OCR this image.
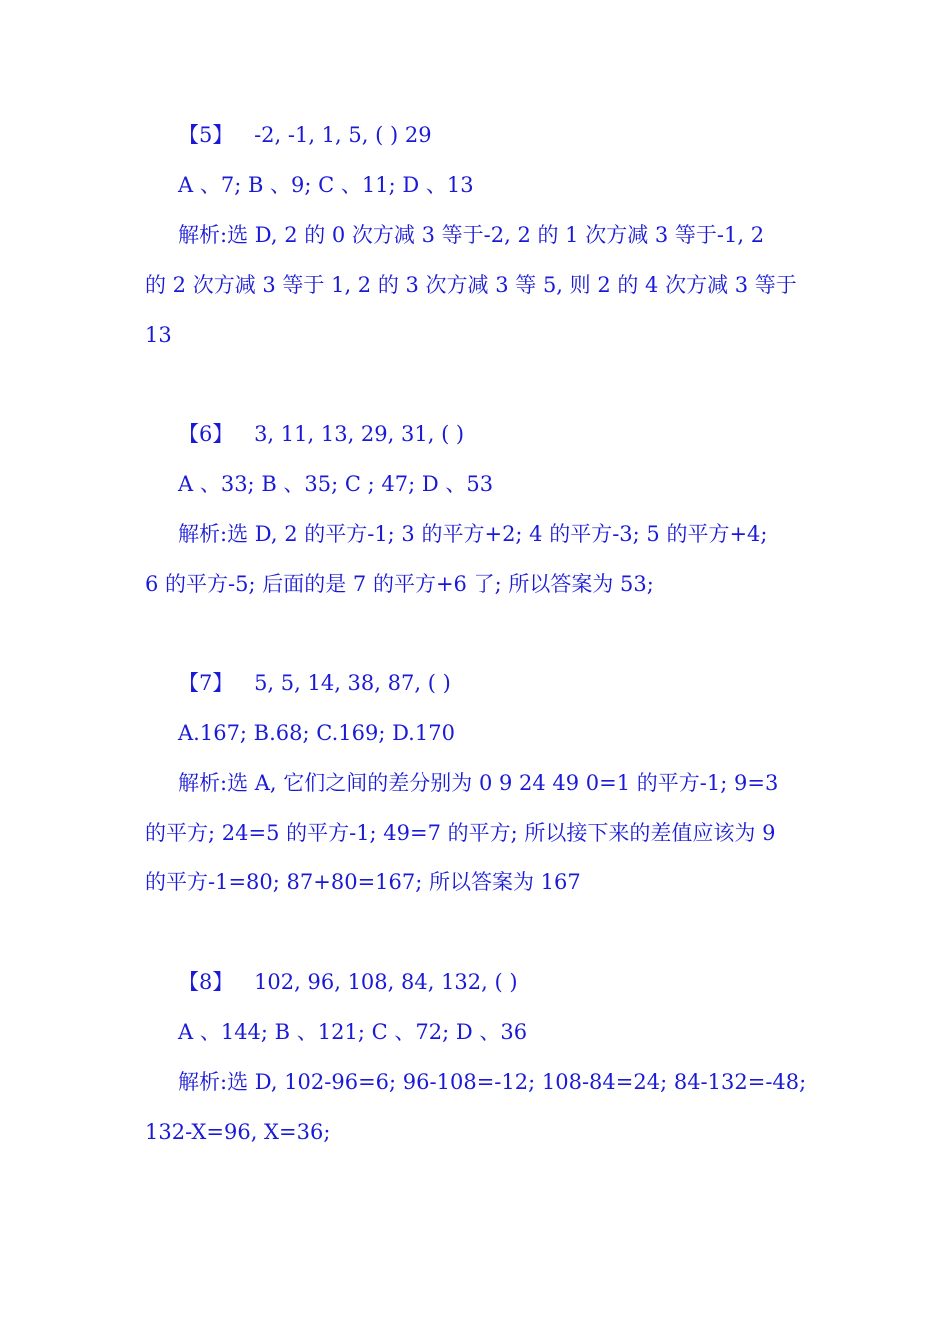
【5】 -2, -1, 1, 5, ( ) 29
A 、7; B 、9; C 、11; D 、13
解析:选 D, 2 的 0 次方减 3 等于-2, 2 的 1 次方减 3 等于-1, 2
的 2 次方减 3 等于 1, 2 的 3 次方减 3 等 5, 则 2 的 4 次方减 3 等于
13
【6】 3, 11, 13, 29, 31, ( )
A 、33; B 、35; C ; 47; D 、53
解析:选 D, 2 的平方-1; 3 的平方+2; 4 的平方-3; 5 的平方+4;
6 的平方-5; 后面的是 7 的平方+6 了; 所以答案为 53;
【7】 5, 5, 14, 38, 87, ( )
A.167; B.68; C.169; D.170
解析:选 A, 它们之间的差分别为 0 9 24 49 0=1 的平方-1; 9=3
的平方; 24=5 的平方-1; 49=7 的平方; 所以接下来的差值应该为 9
的平方-1=80; 87+80=167; 所以答案为 167
【8】 102, 96, 108, 84, 132, ( )
A 、144; B 、121; C 、72; D 、36
解析:选 D, 102-96=6; 96-108=-12; 108-84=24; 84-132=-48;
132-X=96, X=36;
